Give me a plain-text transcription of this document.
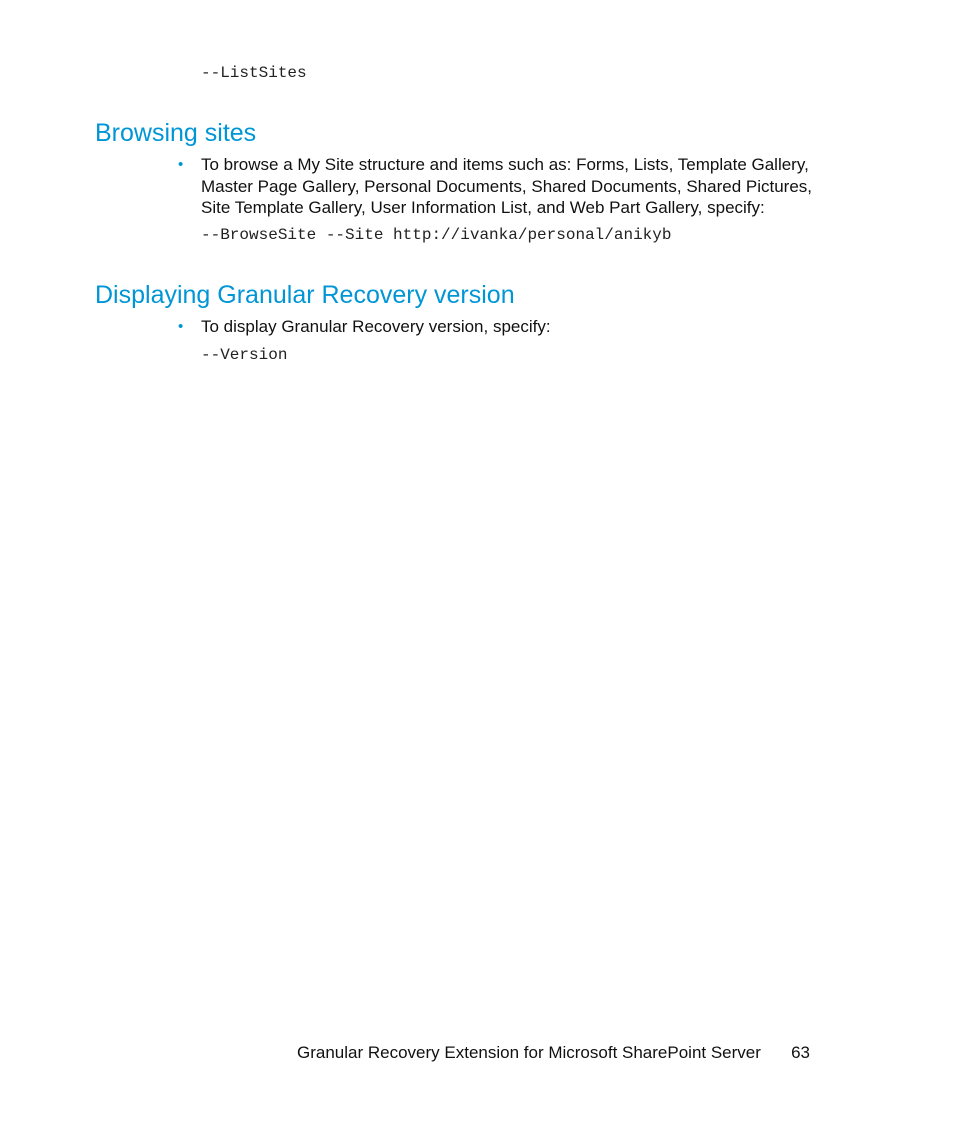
--ListSites
Browsing sites
• To browse a My Site structure and items such as: Forms, Lists, Template Gallery, Master Page Gallery, Personal Documents, Shared Documents, Shared Pictures, Site Template Gallery, User Information List, and Web Part Gallery, specify:
--BrowseSite --Site http://ivanka/personal/anikyb
Displaying Granular Recovery version
• To display Granular Recovery version, specify:
--Version
Granular Recovery Extension for Microsoft SharePoint Server 63
